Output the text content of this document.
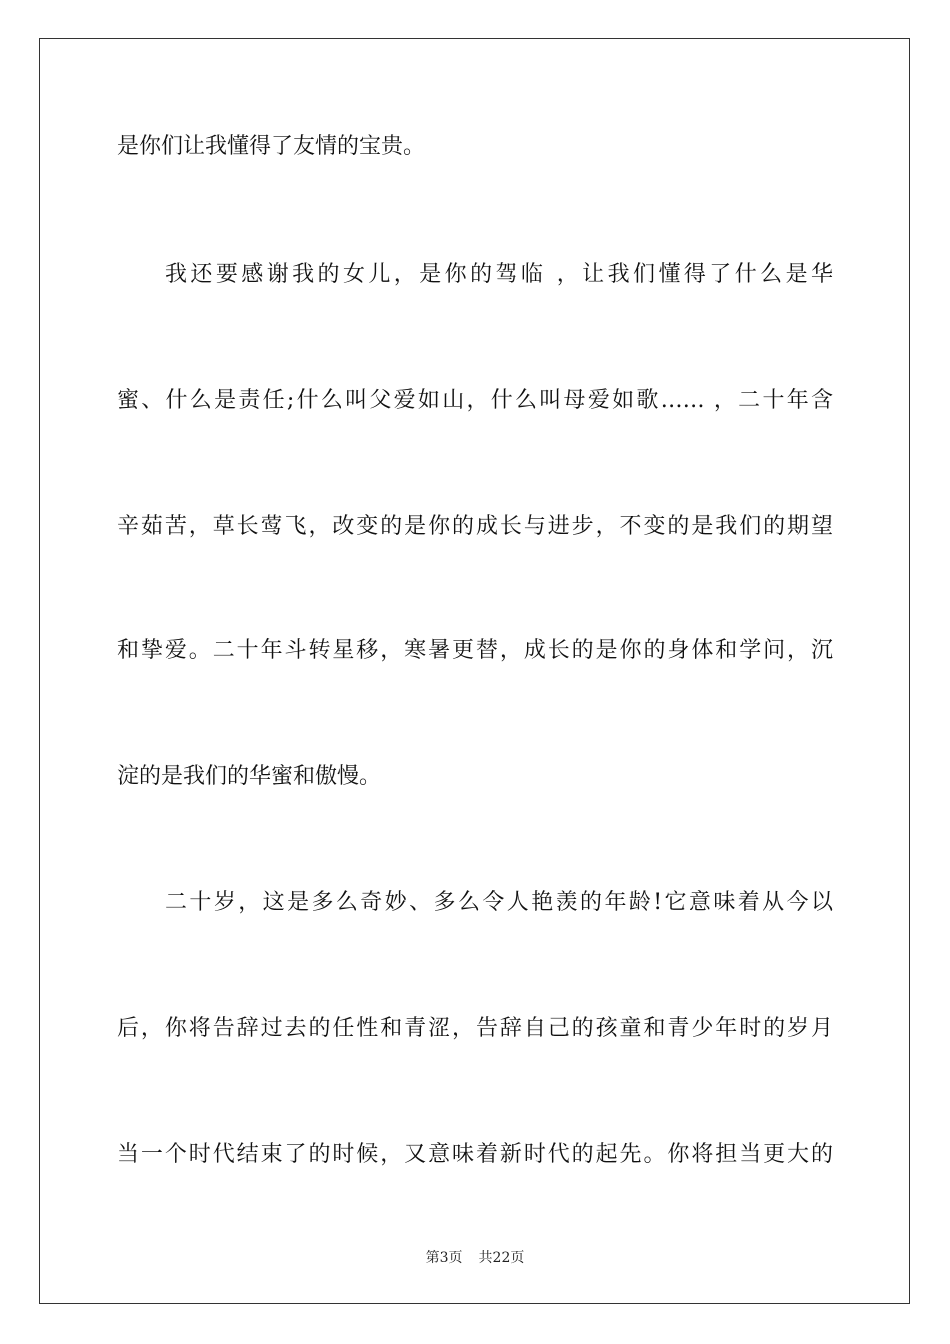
是你们让我懂得了友情的宝贵。
我还要感谢我的女儿，是你的驾临 ，让我们懂得了什么是华
蜜、什么是责任;什么叫父爱如山，什么叫母爱如歌…… ，二十年含
辛茹苦，草长莺飞，改变的是你的成长与进步，不变的是我们的期望
和挚爱。二十年斗转星移，寒暑更替，成长的是你的身体和学问，沉
淀的是我们的华蜜和傲慢。
二十岁，这是多么奇妙、多么令人艳羡的年龄!它意味着从今以
后，你将告辞过去的任性和青涩，告辞自己的孩童和青少年时的岁月
当一个时代结束了的时候，又意味着新时代的起先。你将担当更大的
第3页 共22页
